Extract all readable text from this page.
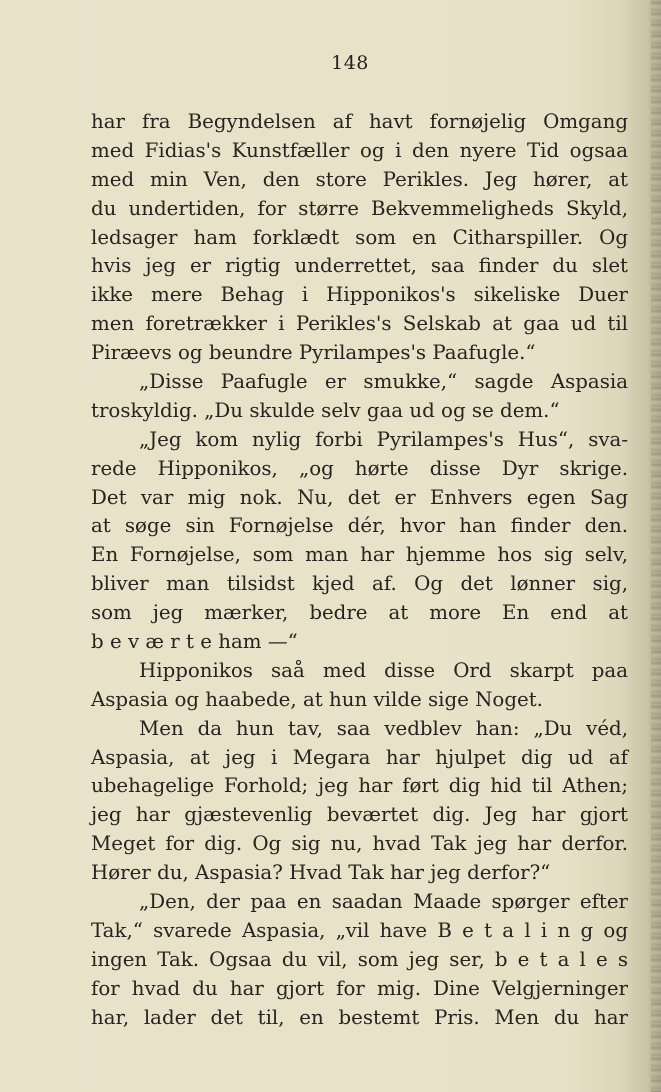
148
har fra Begyndelsen af havt fornøjelig Omgang
med Fidias's Kunstfæller og i den nyere Tid ogsaa
med min Ven, den store Perikles. Jeg hører, at
du undertiden, for større Bekvemmeligheds Skyld,
ledsager ham forklædt som en Citharspiller. Og
hvis jeg er rigtig underrettet, saa finder du slet
ikke mere Behag i Hipponikos's sikeliske Duer
men foretrækker i Perikles's Selskab at gaa ud til
Piræevs og beundre Pyrilampes's Paafugle.“
„Disse Paafugle er smukke,“ sagde Aspasia
troskyldig. „Du skulde selv gaa ud og se dem.“
„Jeg kom nylig forbi Pyrilampes's Hus“, sva-
rede Hipponikos, „og hørte disse Dyr skrige.
Det var mig nok. Nu, det er Enhvers egen Sag
at søge sin Fornøjelse dér, hvor han finder den.
En Fornøjelse, som man har hjemme hos sig selv,
bliver man tilsidst kjed af. Og det lønner sig,
som jeg mærker, bedre at more En end at
b e v æ r t e ham —“
Hipponikos saå med disse Ord skarpt paa
Aspasia og haabede, at hun vilde sige Noget.
Men da hun tav, saa vedblev han: „Du véd,
Aspasia, at jeg i Megara har hjulpet dig ud af
ubehagelige Forhold; jeg har ført dig hid til Athen;
jeg har gjæstevenlig beværtet dig. Jeg har gjort
Meget for dig. Og sig nu, hvad Tak jeg har derfor.
Hører du, Aspasia? Hvad Tak har jeg derfor?“
„Den, der paa en saadan Maade spørger efter
Tak,“ svarede Aspasia, „vil have B e t a l i n g og
ingen Tak. Ogsaa du vil, som jeg ser, b e t a l e s
for hvad du har gjort for mig. Dine Velgjerninger
har, lader det til, en bestemt Pris. Men du har
